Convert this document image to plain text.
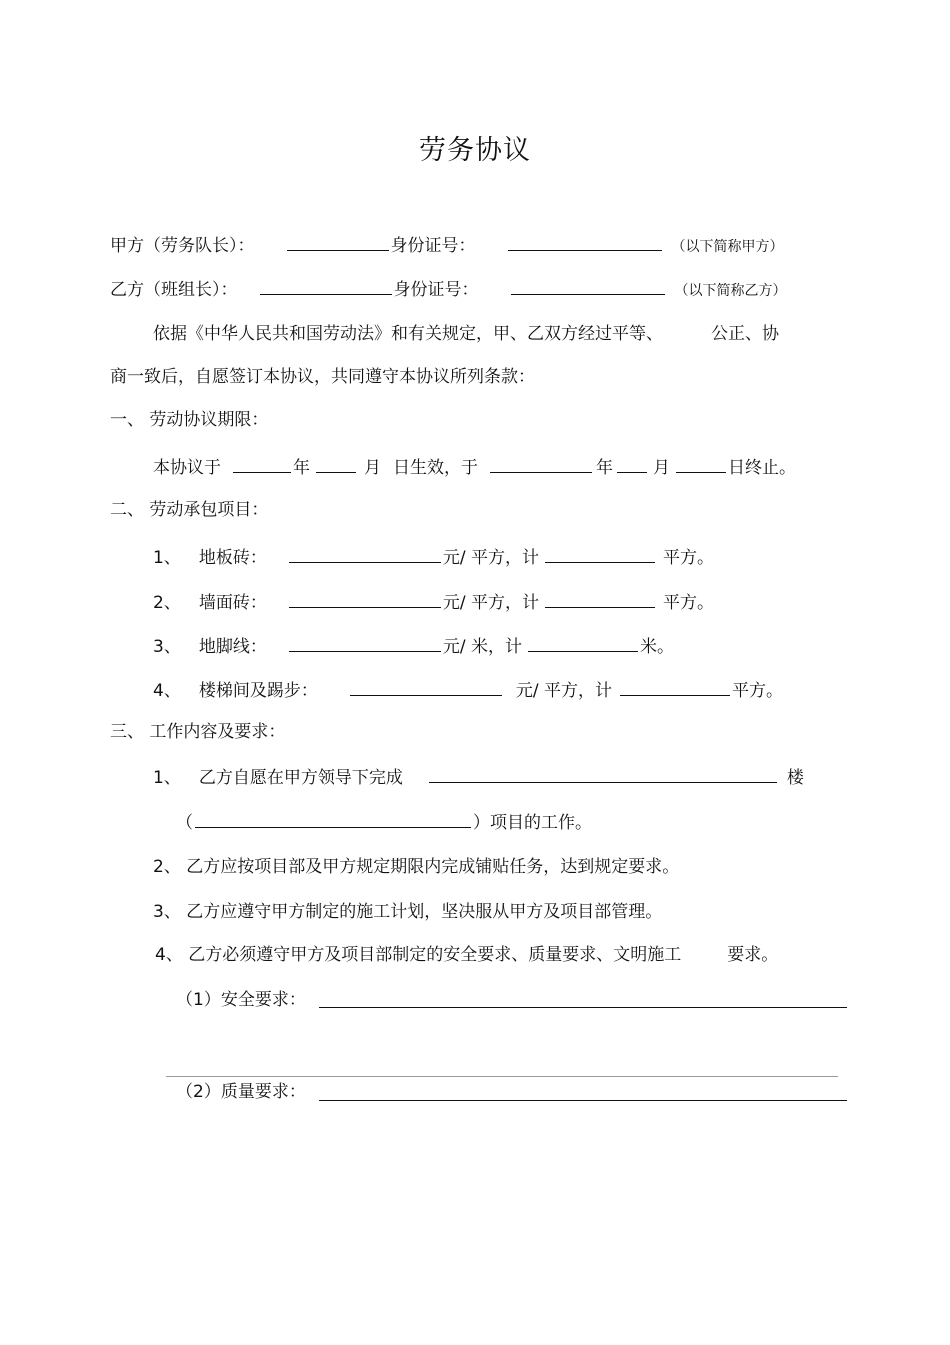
劳务协议
甲方（劳务队长）：	身份证号：	（以下简称甲方）
乙方（班组长）：	身份证号：	（以下简称乙方）
依据《中华人民共和国劳动法》和有关规定，甲、乙双方经过平等、	公正、协
商一致后，自愿签订本协议，共同遵守本协议所列条款：
一、 劳动协议期限：
本协议于	年	月 日生效，于	年 月	日终止。
二、 劳动承包项目：
1、 地板砖：	元/ 平方，计	平方。
2、 墙面砖：	元/ 平方，计	平方。
3、 地脚线：	元/ 米，计	米。
4、 楼梯间及踢步：	元/ 平方，计	平方。
三、 工作内容及要求：
1、 乙方自愿在甲方领导下完成	楼
（	）项目的工作。
2、 乙方应按项目部及甲方规定期限内完成铺贴任务，达到规定要求。
3、 乙方应遵守甲方制定的施工计划，坚决服从甲方及项目部管理。
4、 乙方必须遵守甲方及项目部制定的安全要求、质量要求、文明施工	要求。
（1）安全要求：
（2）质量要求：
